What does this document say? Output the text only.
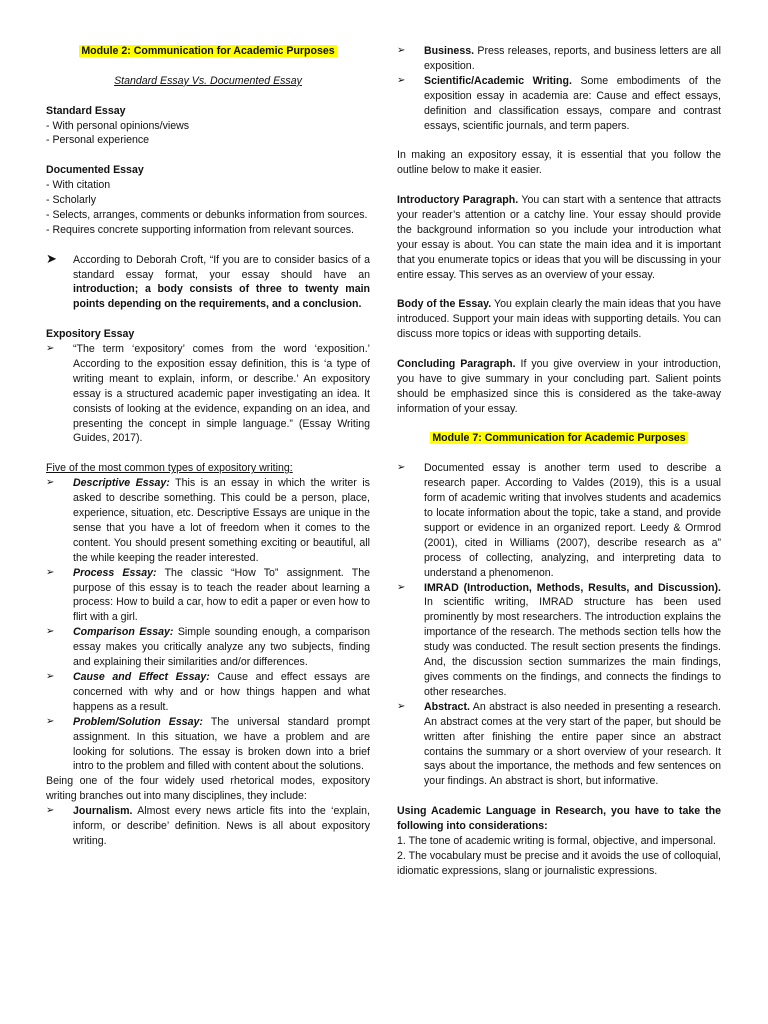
Module 2: Communication for Academic Purposes

Standard Essay Vs. Documented Essay

Standard Essay

- With personal opinions/views

- Personal experience

Documented Essay

- With citation

- Scholarly

- Selects, arranges, comments or debunks information from sources.

- Requires concrete supporting information from relevant sources.

➤	According to Deborah Croft, “If you are to consider basics of a standard essay format, your essay should have an introduction; a body consists of three to twenty main points depending on the requirements, and a conclusion.

Expository Essay

➢	“The term ‘expository’ comes from the word ‘exposition.’ According to the exposition essay definition, this is ‘a type of writing meant to explain, inform, or describe.’ An expository essay is a structured academic paper investigating an idea. It consists of looking at the evidence, expanding on an idea, and presenting the concept in simple language.” (Essay Writing Guides, 2017).

Five of the most common types of expository writing:

➢	Descriptive Essay: This is an essay in which the writer is asked to describe something. This could be a person, place, experience, situation, etc. Descriptive Essays are unique in the sense that you have a lot of freedom when it comes to the content. You should present something exciting or beautiful, all the while keeping the reader interested.
➢	Process Essay: The classic “How To” assignment. The purpose of this essay is to teach the reader about learning a process: How to build a car, how to edit a paper or even how to flirt with a girl.
➢	Comparison Essay: Simple sounding enough, a comparison essay makes you critically analyze any two subjects, finding and explaining their similarities and/or differences.
➢	Cause and Effect Essay: Cause and effect essays are concerned with why and or how things happen and what happens as a result.
➢	Problem/Solution Essay: The universal standard prompt assignment. In this situation, we have a problem and are looking for solutions. The essay is broken down into a brief intro to the problem and filled with content about the solutions.

Being one of the four widely used rhetorical modes, expository writing branches out into many disciplines, they include:

➢	Journalism. Almost every news article fits into the ‘explain, inform, or describe’ definition. News is all about expository writing.
➢	Business. Press releases, reports, and business letters are all exposition.
➢	Scientific/Academic Writing. Some embodiments of the exposition essay in academia are: Cause and effect essays, definition and classification essays, compare and contrast essays, scientific journals, and term papers.

In making an expository essay, it is essential that you follow the outline below to make it easier.

Introductory Paragraph. You can start with a sentence that attracts your reader’s attention or a catchy line. Your essay should provide the background information so you include your introduction what your essay is about. You can state the main idea and it is important that you enumerate topics or ideas that you will be discussing in your entire essay. This serves as an overview of your essay.

Body of the Essay. You explain clearly the main ideas that you have introduced. Support your main ideas with supporting details. You can discuss more topics or ideas with supporting details.

Concluding Paragraph. If you give overview in your introduction, you have to give summary in your concluding part. Salient points should be emphasized since this is considered as the take-away information of your essay.

Module 7: Communication for Academic Purposes
➢	Documented essay is another term used to describe a research paper. According to Valdes (2019), this is a usual form of academic writing that involves students and academics to locate information about the topic, take a stand, and provide support or evidence in an organized report. Leedy & Ormrod (2001), cited in Williams (2007), describe research as a” process of collecting, analyzing, and interpreting data to understand a phenomenon.
➢	IMRAD (Introduction, Methods, Results, and Discussion). In scientific writing, IMRAD structure has been used prominently by most researchers. The introduction explains the importance of the research. The methods section tells how the study was conducted. The result section presents the findings. And, the discussion section summarizes the main findings, gives comments on the findings, and connects the findings to other researches.
➢	Abstract. An abstract is also needed in presenting a research. An abstract comes at the very start of the paper, but should be written after finishing the entire paper since an abstract contains the summary or a short overview of your research. It says about the importance, the methods and few sentences on your findings. An abstract is short, but informative.

Using Academic Language in Research, you have to take the following into considerations:

1. The tone of academic writing is formal, objective, and impersonal.

2. The vocabulary must be precise and it avoids the use of colloquial, idiomatic expressions, slang or journalistic expressions.
